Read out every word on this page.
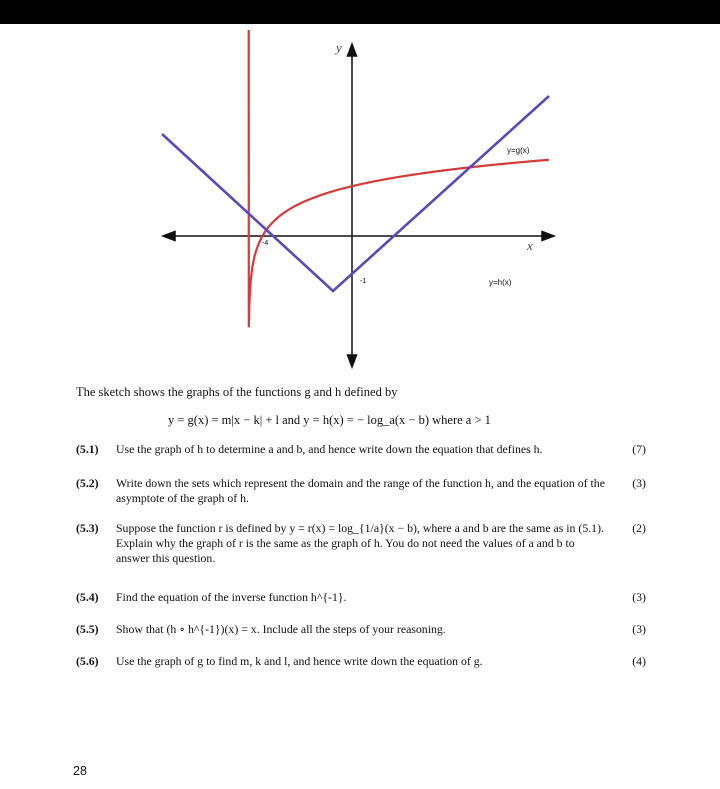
y
x
y=g(x)
y=h(x)
-4
-1
The sketch shows the graphs of the functions g and h defined by
y = g(x) = m|x − k| + l and y = h(x) = − log_a(x − b) where a > 1
(5.1) Use the graph of h to determine a and b, and hence write down the equation that defines h.	(7)
(5.2) Write down the sets which represent the domain and the range of the function h, and the equation of the asymptote of the graph of h.
(3)
(5.3) Suppose the function r is defined by y = r(x) = log_{1/a}(x − b), where a and b are the same as in (5.1). Explain why the graph of r is the same as the graph of h. You do not need the values of a and b to answer this question.
(2)
(5.4) Find the equation of the inverse function h^{-1}.	(3)
(5.5) Show that (h ∘ h^{-1})(x) = x. Include all the steps of your reasoning.	(3)
(5.6) Use the graph of g to find m, k and l, and hence write down the equation of g.	(4)
28
